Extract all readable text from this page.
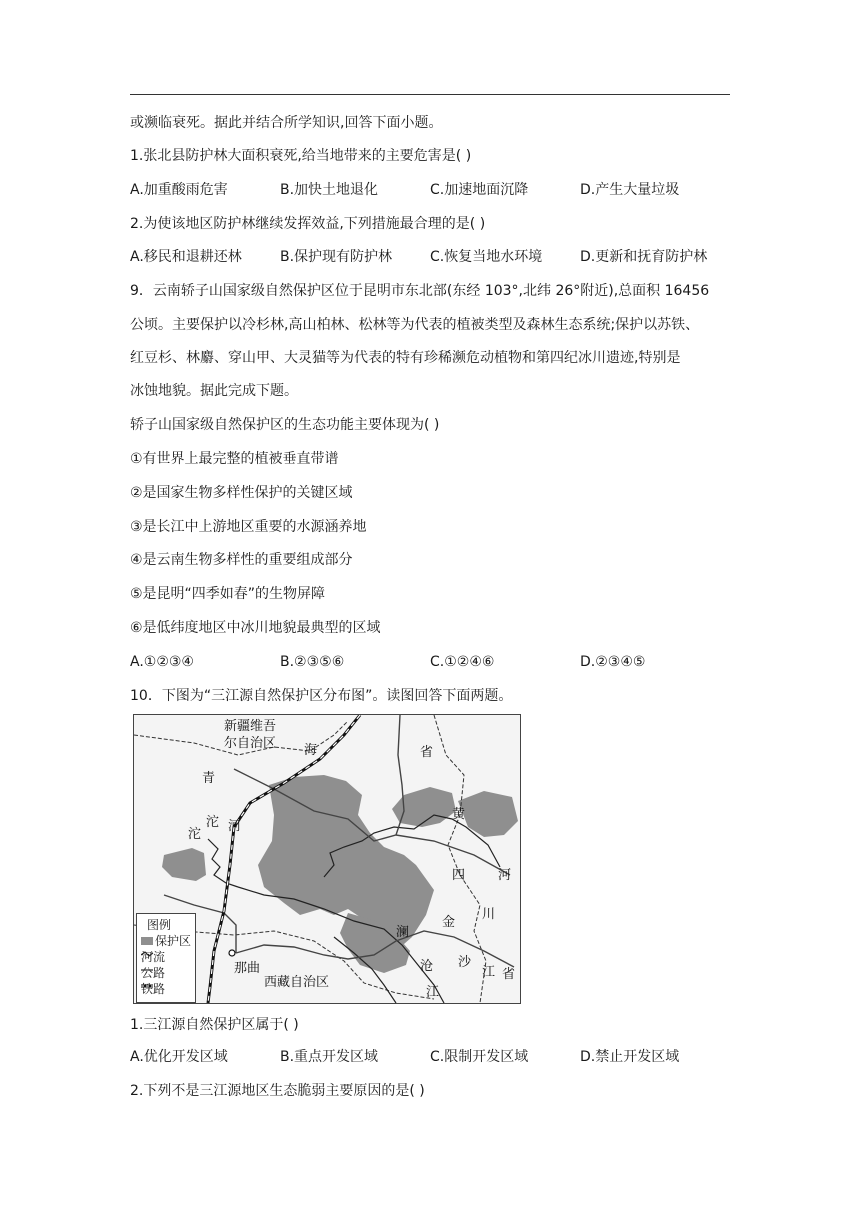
或濒临衰死。据此并结合所学知识,回答下面小题。
1.张北县防护林大面积衰死,给当地带来的主要危害是( )
A.加重酸雨危害	B.加快土地退化	C.加速地面沉降	D.产生大量垃圾
2.为使该地区防护林继续发挥效益,下列措施最合理的是( )
A.移民和退耕还林	B.保护现有防护林	C.恢复当地水环境	D.更新和抚育防护林
9．云南轿子山国家级自然保护区位于昆明市东北部(东经 103°,北纬 26°附近),总面积 16456
公顷。主要保护以冷杉林,高山柏林、松林等为代表的植被类型及森林生态系统;保护以苏铁、
红豆杉、林麝、穿山甲、大灵猫等为代表的特有珍稀濒危动植物和第四纪冰川遗迹,特别是
冰蚀地貌。据此完成下题。
轿子山国家级自然保护区的生态功能主要体现为( )
①有世界上最完整的植被垂直带谱
②是国家生物多样性保护的关键区域
③是长江中上游地区重要的水源涵养地
④是云南生物多样性的重要组成部分
⑤是昆明“四季如春”的生物屏障
⑥是低纬度地区中冰川地貌最典型的区域
A.①②③④	B.②③⑤⑥	C.①②④⑥	D.②③④⑤
10．下图为“三江源自然保护区分布图”。读图回答下面两题。
新疆维吾
尔自治区
青
海	省
沱
沱
河
黄
四	河
金
川
沙
江 省
那曲
西藏自治区
澜
沧
江
图例
保护区
河流
公路
铁路
1.三江源自然保护区属于( )
A.优化开发区域	B.重点开发区域	C.限制开发区域	D.禁止开发区域
2.下列不是三江源地区生态脆弱主要原因的是( )
